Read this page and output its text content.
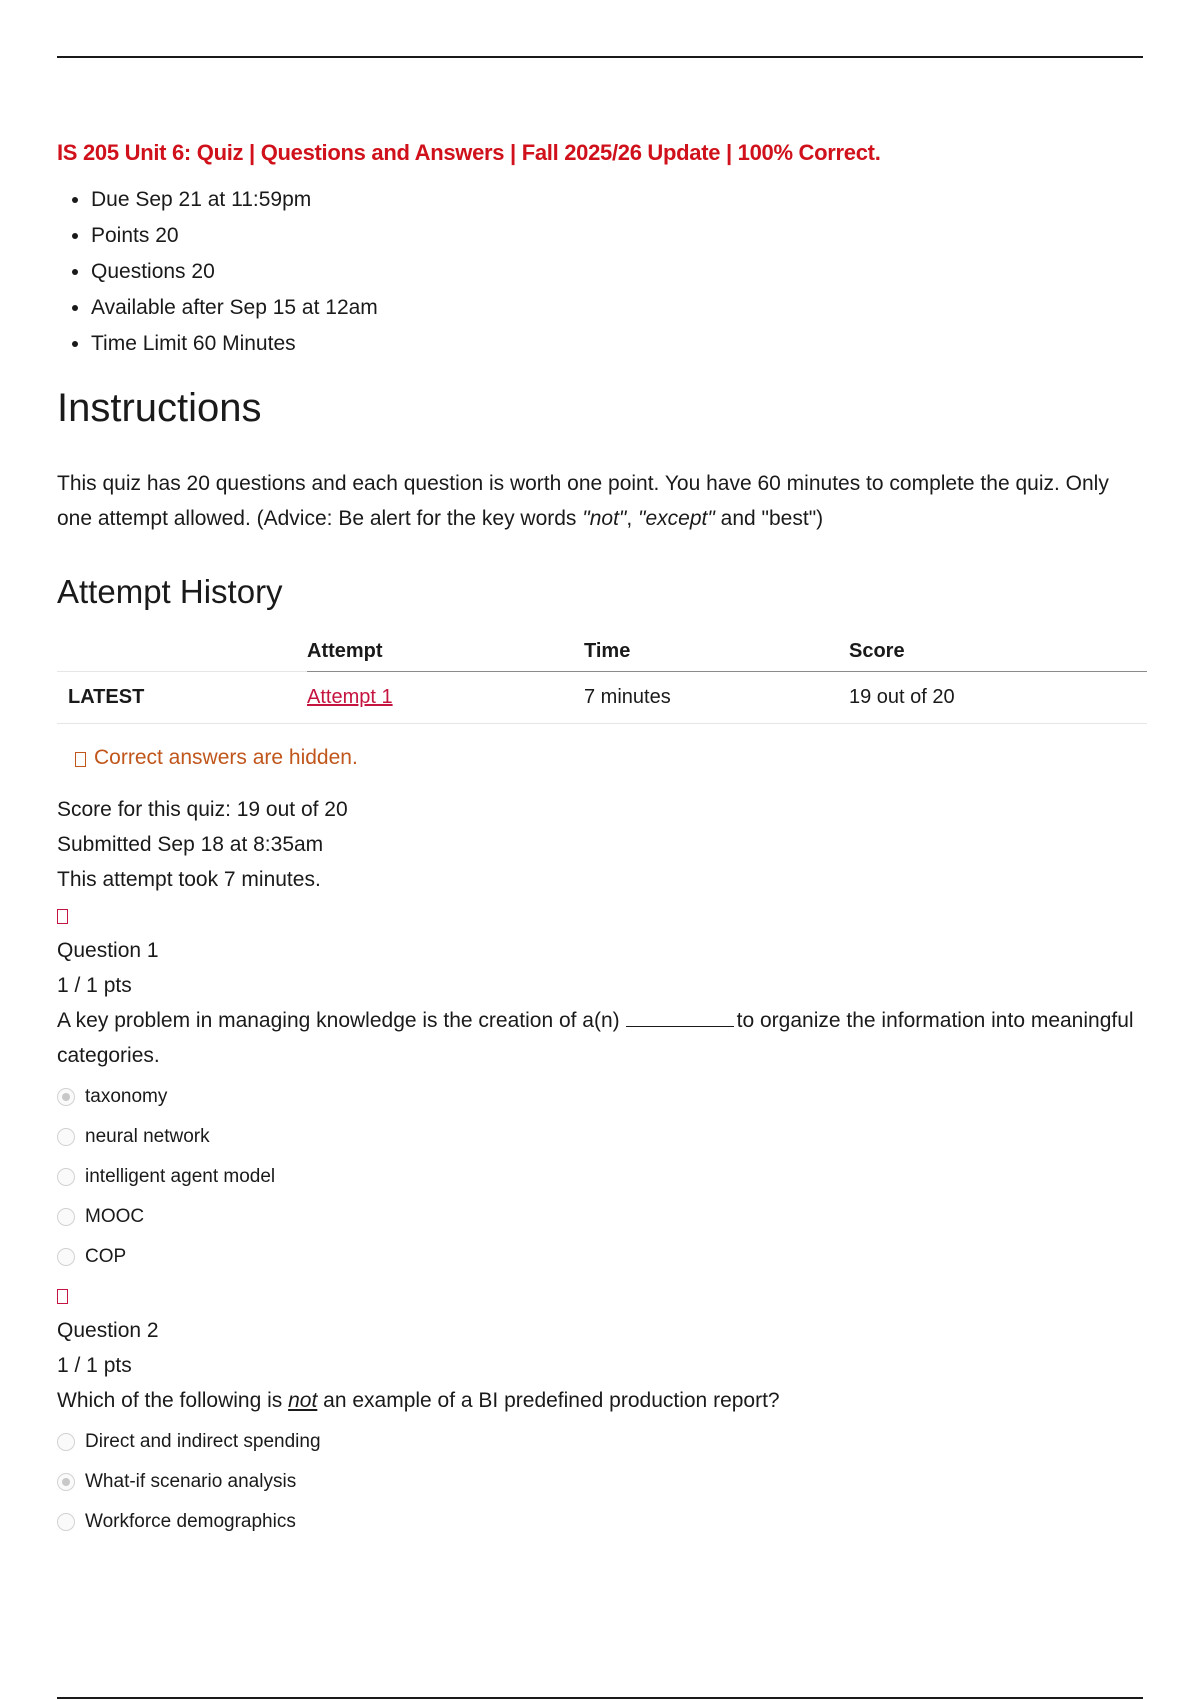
IS 205 Unit 6: Quiz | Questions and Answers | Fall 2025/26 Update | 100% Correct.
• Due Sep 21 at 11:59pm
• Points 20
• Questions 20
• Available after Sep 15 at 12am
• Time Limit 60 Minutes
Instructions

This quiz has 20 questions and each question is worth one point. You have 60 minutes to complete the quiz. Only one attempt allowed. (Advice: Be alert for the key words "not", "except" and "best")

Attempt History
	Attempt	Time	Score
LATEST	Attempt 1	7 minutes	19 out of 20
Correct answers are hidden.
Score for this quiz: 19 out of 20
Submitted Sep 18 at 8:35am
This attempt took 7 minutes.
Question 1
1 / 1 pts
A key problem in managing knowledge is the creation of a(n)	to organize the information into meaningful categories.
taxonomy
neural network
intelligent agent model
MOOC
COP
Question 2
1 / 1 pts
Which of the following is not an example of a BI predefined production report?
Direct and indirect spending
What-if scenario analysis
Workforce demographics
